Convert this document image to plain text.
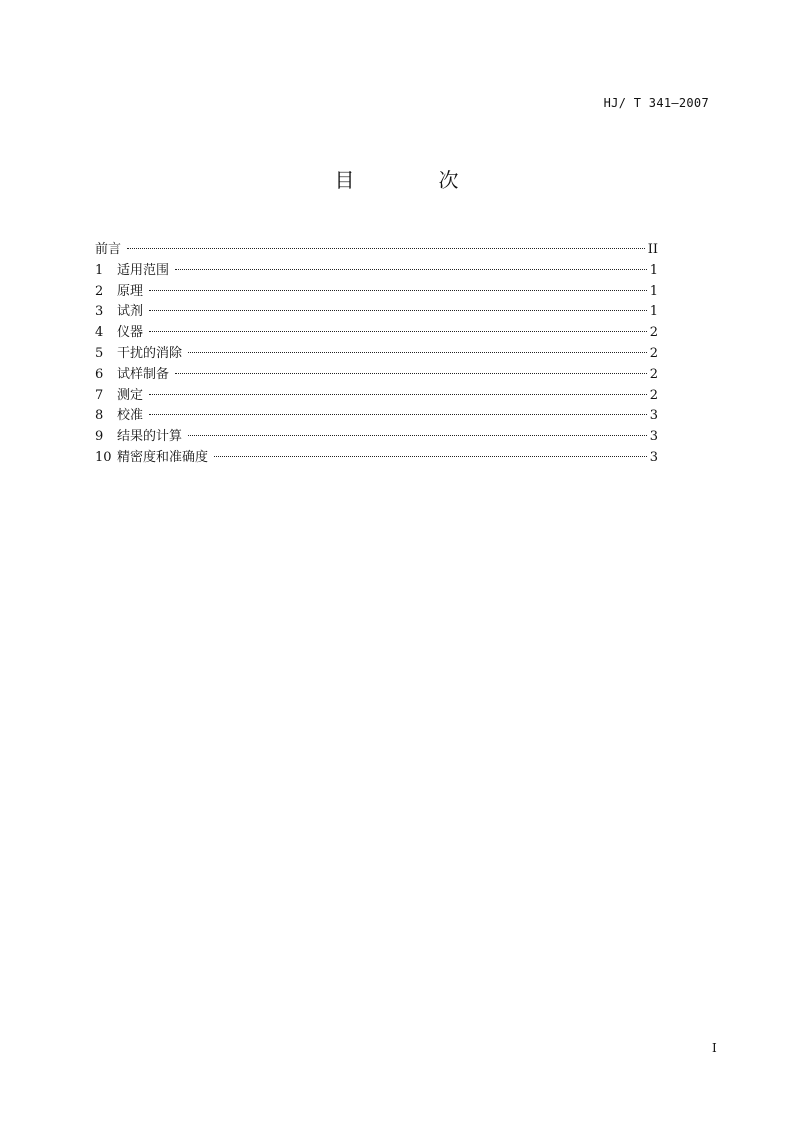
HJ/ T 341—2007
目	次
前言	II
1	适用范围	1
2	原理	1
3	试剂	1
4	仪器	2
5	干扰的消除	2
6	试样制备	2
7	测定	2
8	校准	3
9	结果的计算	3
10 精密度和准确度	3
I
